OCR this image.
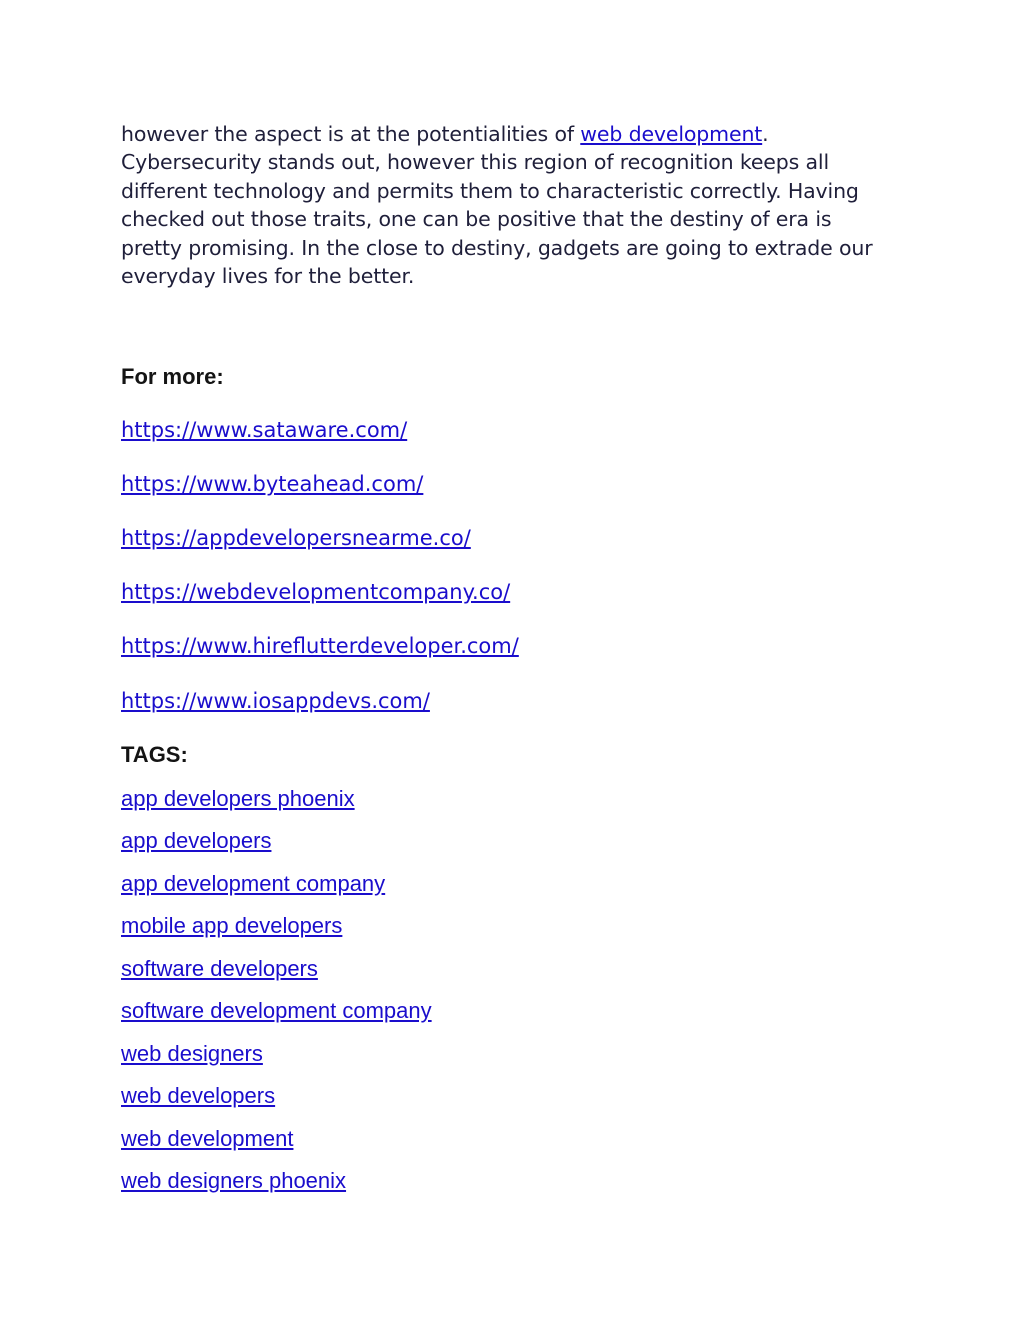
however the aspect is at the potentialities of web development. Cybersecurity stands out, however this region of recognition keeps all different technology and permits them to characteristic correctly. Having checked out those traits, one can be positive that the destiny of era is pretty promising. In the close to destiny, gadgets are going to extrade our everyday lives for the better.

For more:
https://www.sataware.com/
https://www.byteahead.com/
https://appdevelopersnearme.co/
https://webdevelopmentcompany.co/
https://www.hireflutterdeveloper.com/
https://www.iosappdevs.com/
TAGS:
app developers phoenix
app developers
app development company
mobile app developers
software developers
software development company
web designers
web developers
web development
web designers phoenix
